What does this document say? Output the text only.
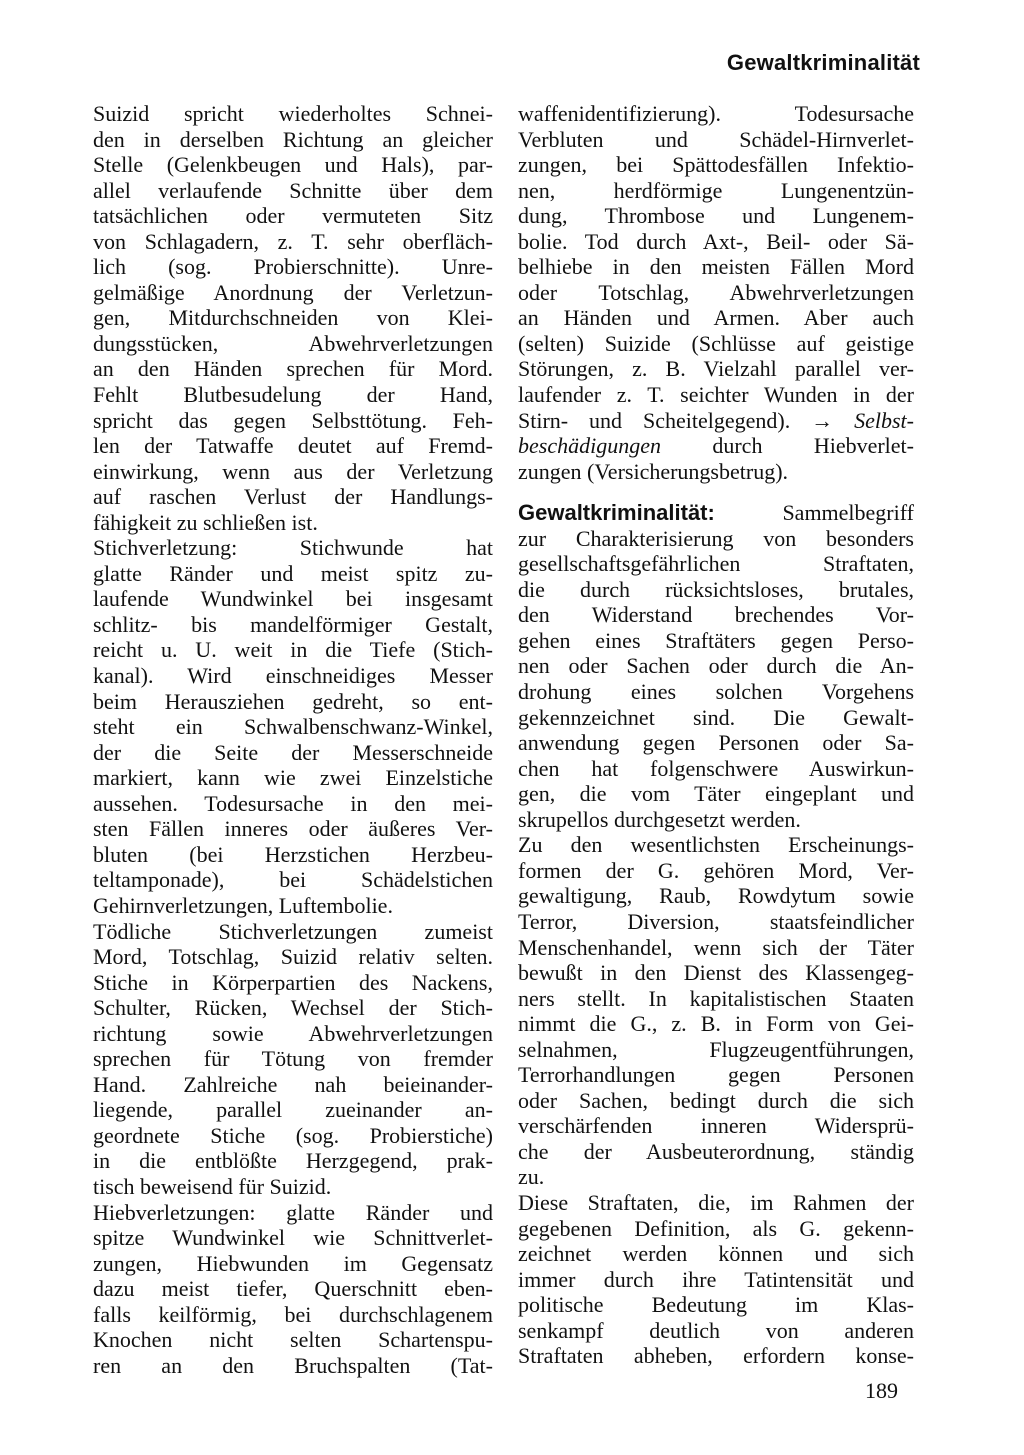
Gewaltkriminalität
Suizid spricht wiederholtes Schnei-
den in derselben Richtung an gleicher
Stelle (Gelenkbeugen und Hals), par-
allel verlaufende Schnitte über dem
tatsächlichen oder vermuteten Sitz
von Schlagadern, z. T. sehr oberfläch-
lich (sog. Probierschnitte). Unre-
gelmäßige Anordnung der Verletzun-
gen, Mitdurchschneiden von Klei-
dungsstücken, Abwehrverletzungen
an den Händen sprechen für Mord.
Fehlt Blutbesudelung der Hand,
spricht das gegen Selbsttötung. Feh-
len der Tatwaffe deutet auf Fremd-
einwirkung, wenn aus der Verletzung
auf raschen Verlust der Handlungs-
fähigkeit zu schließen ist.
Stichverletzung: Stichwunde hat
glatte Ränder und meist spitz zu-
laufende Wundwinkel bei insgesamt
schlitz- bis mandelförmiger Gestalt,
reicht u. U. weit in die Tiefe (Stich-
kanal). Wird einschneidiges Messer
beim Herausziehen gedreht, so ent-
steht ein Schwalbenschwanz-Winkel,
der die Seite der Messerschneide
markiert, kann wie zwei Einzelstiche
aussehen. Todesursache in den mei-
sten Fällen inneres oder äußeres Ver-
bluten (bei Herzstichen Herzbeu-
teltamponade), bei Schädelstichen
Gehirnverletzungen, Luftembolie.
Tödliche Stichverletzungen zumeist
Mord, Totschlag, Suizid relativ selten.
Stiche in Körperpartien des Nackens,
Schulter, Rücken, Wechsel der Stich-
richtung sowie Abwehrverletzungen
sprechen für Tötung von fremder
Hand. Zahlreiche nah beieinander-
liegende, parallel zueinander an-
geordnete Stiche (sog. Probierstiche)
in die entblößte Herzgegend, prak-
tisch beweisend für Suizid.
Hiebverletzungen: glatte Ränder und
spitze Wundwinkel wie Schnittverlet-
zungen, Hiebwunden im Gegensatz
dazu meist tiefer, Querschnitt eben-
falls keilförmig, bei durchschlagenem
Knochen nicht selten Schartenspu-
ren an den Bruchspalten (Tat-
waffenidentifizierung). Todesursache
Verbluten und Schädel-Hirnverlet-
zungen, bei Spättodesfällen Infektio-
nen, herdförmige Lungenentzün-
dung, Thrombose und Lungenem-
bolie. Tod durch Axt-, Beil- oder Sä-
belhiebe in den meisten Fällen Mord
oder Totschlag, Abwehrverletzungen
an Händen und Armen. Aber auch
(selten) Suizide (Schlüsse auf geistige
Störungen, z. B. Vielzahl parallel ver-
laufender z. T. seichter Wunden in der
Stirn- und Scheitelgegend). → Selbst-
beschädigungen durch Hiebverlet-
zungen (Versicherungsbetrug).
Gewaltkriminalität: Sammelbegriff
zur Charakterisierung von besonders
gesellschaftsgefährlichen Straftaten,
die durch rücksichtsloses, brutales,
den Widerstand brechendes Vor-
gehen eines Straftäters gegen Perso-
nen oder Sachen oder durch die An-
drohung eines solchen Vorgehens
gekennzeichnet sind. Die Gewalt-
anwendung gegen Personen oder Sa-
chen hat folgenschwere Auswirkun-
gen, die vom Täter eingeplant und
skrupellos durchgesetzt werden.
Zu den wesentlichsten Erscheinungs-
formen der G. gehören Mord, Ver-
gewaltigung, Raub, Rowdytum sowie
Terror, Diversion, staatsfeindlicher
Menschenhandel, wenn sich der Täter
bewußt in den Dienst des Klassengeg-
ners stellt. In kapitalistischen Staaten
nimmt die G., z. B. in Form von Gei-
selnahmen, Flugzeugentführungen,
Terrorhandlungen gegen Personen
oder Sachen, bedingt durch die sich
verschärfenden inneren Widersprü-
che der Ausbeuterordnung, ständig
zu.
Diese Straftaten, die, im Rahmen der
gegebenen Definition, als G. gekenn-
zeichnet werden können und sich
immer durch ihre Tatintensität und
politische Bedeutung im Klas-
senkampf deutlich von anderen
Straftaten abheben, erfordern konse-
189
